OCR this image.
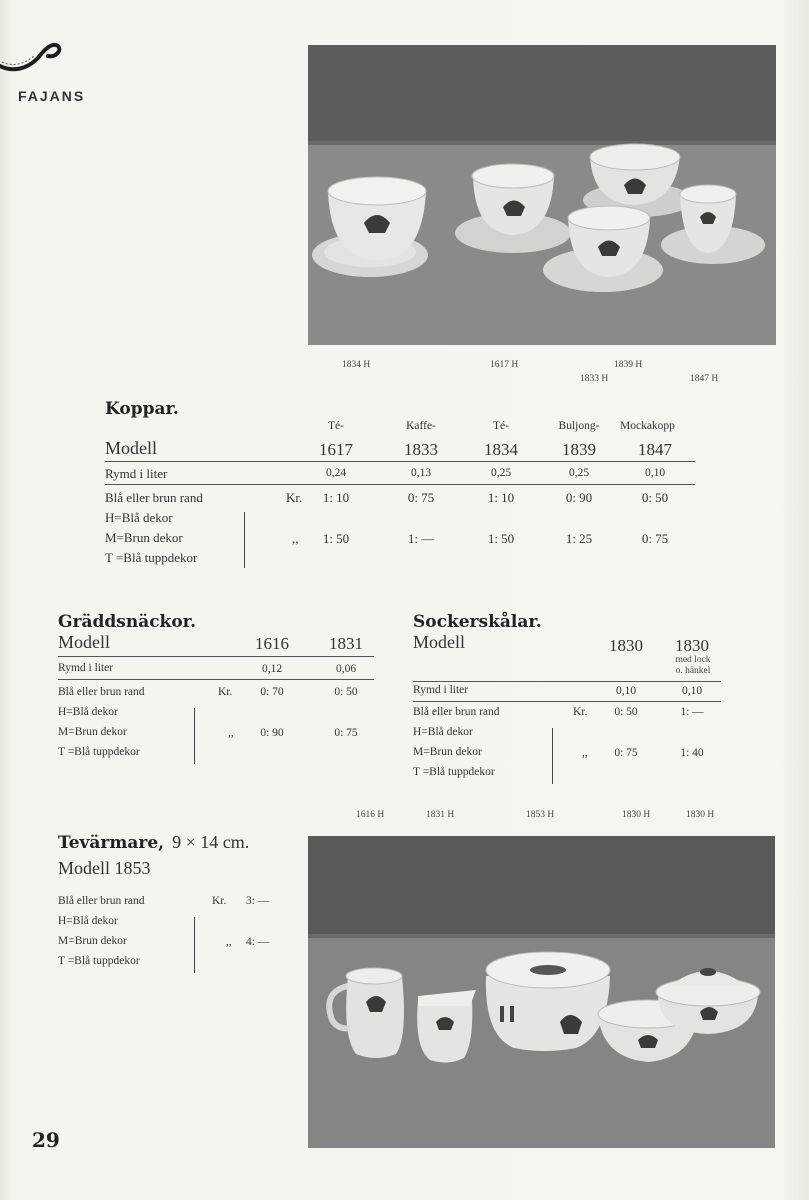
FAJANS
1834 H	1617 H	1839 H
1833 H	1847 H
Koppar.
Té-	Kaffe-	Té-	Buljong-	Mockakopp
Modell	1617	1833	1834	1839	1847
Rymd i liter	0,24	0,13	0,25	0,25	0,10
Blå eller brun rand	Kr.	1: 10	0: 75	1: 10	0: 90	0: 50
H=Blå dekor
M=Brun dekor
T =Blå tuppdekor
,,	1: 50	1: —	1: 50	1: 25	0: 75
Gräddsnäckor.
Modell	1616	1831
Rymd i liter	0,12	0,06
Blå eller brun rand	Kr.	0: 70	0: 50
H=Blå dekor
M=Brun dekor
T =Blå tuppdekor
,,	0: 90	0: 75
Sockerskålar.
Modell	1830	1830
med lock
o. hänkel
Rymd i liter	0,10	0,10
Blå eller brun rand	Kr.	0: 50	1: —
H=Blå dekor
M=Brun dekor
T =Blå tuppdekor
,,	0: 75	1: 40
1616 H	1831 H	1853 H	1830 H	1830 H
Tevärmare, 9 × 14 cm.
Modell 1853
Blå eller brun rand	Kr. 3: —
H=Blå dekor
M=Brun dekor
T =Blå tuppdekor
,, 4: —
29
